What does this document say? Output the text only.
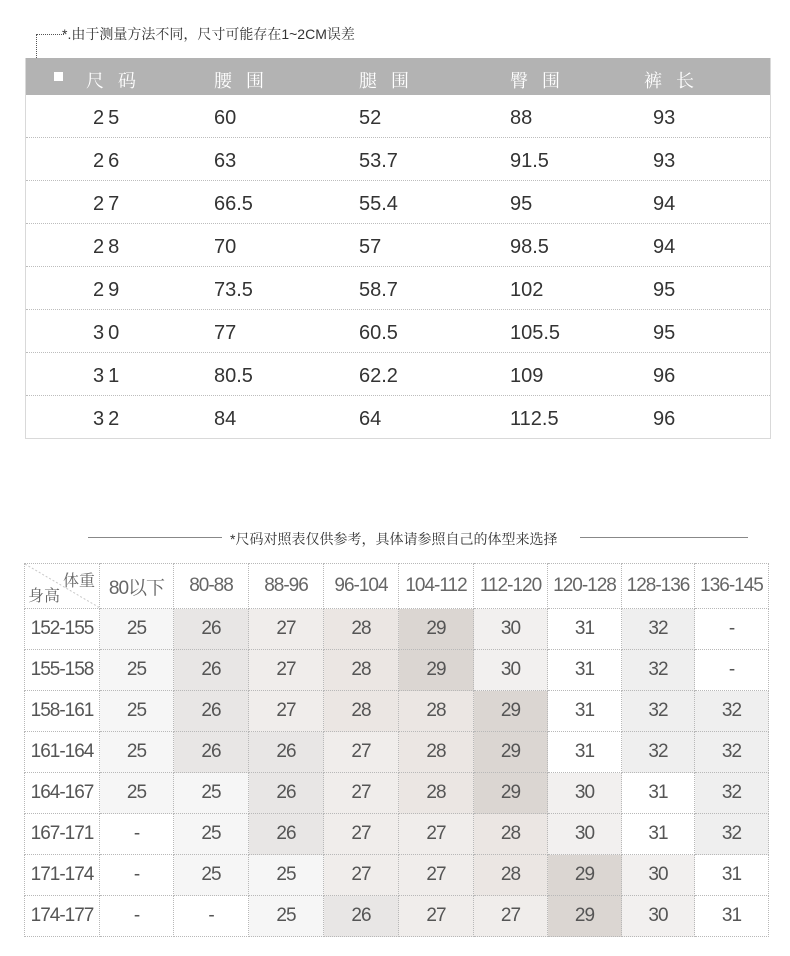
*.由于测量方法不同，尺寸可能存在1~2CM误差
尺码	腰围	腿围	臀围	裤长
25	60	52	88	93
26	63	53.7	91.5	93
27	66.5	55.4	95	94
28	70	57	98.5	94
29	73.5	58.7	102	95
30	77	60.5	105.5	95
31	80.5	62.2	109	96
32	84	64	112.5	96
*尺码对照表仅供参考，具体请参照自己的体型来选择
体重
身高	80以下	80-88	88-96	96-104	104-112	112-120	120-128	128-136	136-145
152-155	25	26	27	28	29	30	31	32	-
155-158	25	26	27	28	29	30	31	32	-
158-161	25	26	27	28	28	29	31	32	32
161-164	25	26	26	27	28	29	31	32	32
164-167	25	25	26	27	28	29	30	31	32
167-171	-	25	26	27	27	28	30	31	32
171-174	-	25	25	27	27	28	29	30	31
174-177	-	-	25	26	27	27	29	30	31
